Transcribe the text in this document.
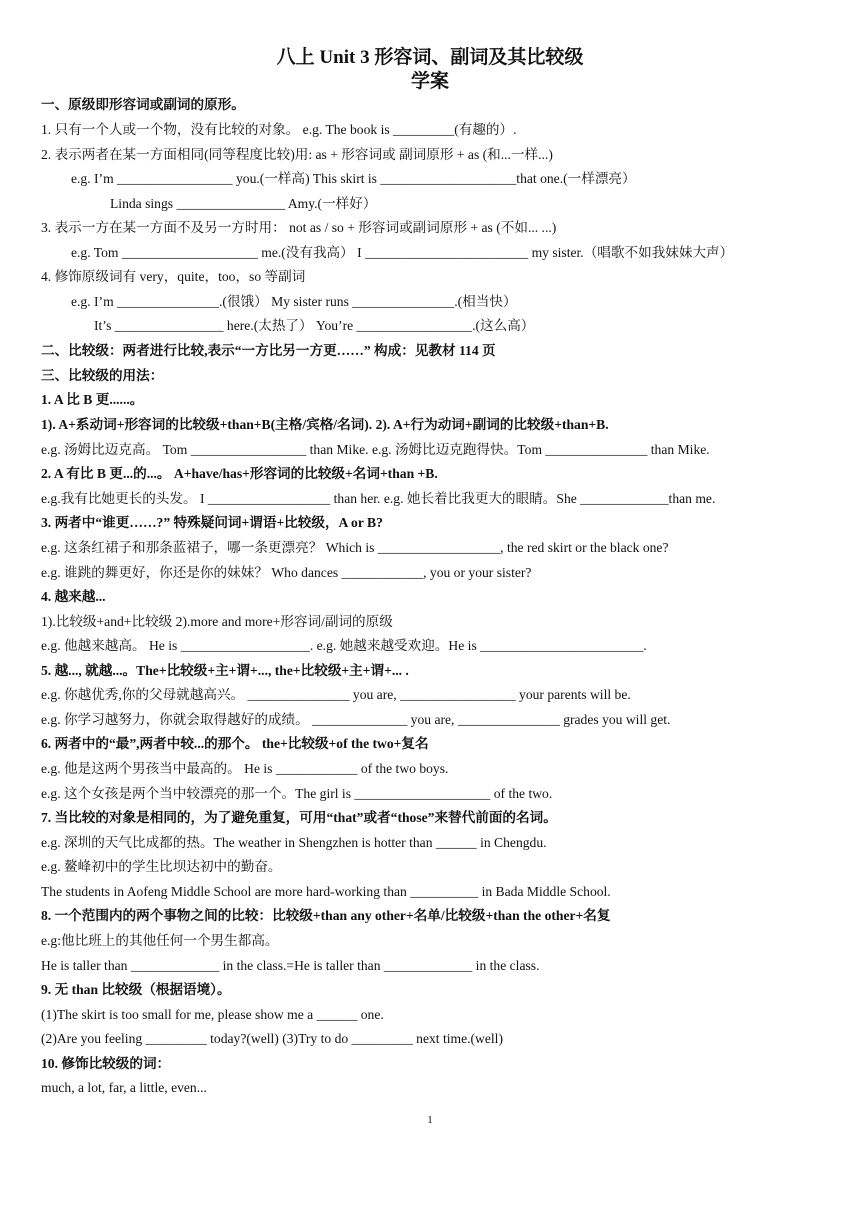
八上 Unit 3 形容词、副词及其比较级
学案
一、原级即形容词或副词的原形。
1. 只有一个人或一个物，没有比较的对象。 e.g. The book is _________(有趣的）.
2. 表示两者在某一方面相同(同等程度比较)用: as + 形容词或 副词原形 + as (和...一样...)
e.g. I’m _________________ you.(一样高) This skirt is ____________________that one.(一样漂亮）
Linda sings ________________ Amy.(一样好）
3. 表示一方在某一方面不及另一方时用： not as / so + 形容词或副词原形 + as (不如... ...)
e.g. Tom ____________________ me.(没有我高） I ________________________ my sister.（唱歌不如我妹妹大声）
4. 修饰原级词有 very，quite，too，so 等副词
e.g. I’m _______________.(很饿） My sister runs _______________.(相当快）
It’s ________________ here.(太热了） You’re _________________.(这么高）
二、比较级：两者进行比较,表示“一方比另一方更……” 构成：见教材 114 页
三、比较级的用法：
1. A 比 B 更......。
1). A+系动词+形容词的比较级+than+B(主格/宾格/名词). 2). A+行为动词+副词的比较级+than+B.
e.g. 汤姆比迈克高。 Tom _________________ than Mike. e.g. 汤姆比迈克跑得快。Tom _______________ than Mike.
2. A 有比 B 更...的...。 A+have/has+形容词的比较级+名词+than +B.
e.g.我有比她更长的头发。 I __________________ than her. e.g. 她长着比我更大的眼睛。She _____________than me.
3. 两者中“谁更……?” 特殊疑问词+谓语+比较级，A or B?
e.g. 这条红裙子和那条蓝裙子，哪一条更漂亮？ Which is __________________, the red skirt or the black one?
e.g. 谁跳的舞更好，你还是你的妹妹？ Who dances ____________, you or your sister?
4. 越来越...
1).比较级+and+比较级 2).more and more+形容词/副词的原级
e.g. 他越来越高。 He is ___________________. e.g. 她越来越受欢迎。He is ________________________.
5. 越..., 就越...。The+比较级+主+谓+..., the+比较级+主+谓+... .
e.g. 你越优秀,你的父母就越高兴。 _______________ you are, _________________ your parents will be.
e.g. 你学习越努力，你就会取得越好的成绩。 ______________ you are, _______________ grades you will get.
6. 两者中的“最”,两者中较...的那个。 the+比较级+of the two+复名
e.g. 他是这两个男孩当中最高的。 He is ____________ of the two boys.
e.g. 这个女孩是两个当中较漂亮的那一个。The girl is ____________________ of the two.
7. 当比较的对象是相同的，为了避免重复，可用“that”或者“those”来替代前面的名词。
e.g. 深圳的天气比成都的热。The weather in Shengzhen is hotter than ______ in Chengdu.
e.g. 鳌峰初中的学生比坝达初中的勤奋。
The students in Aofeng Middle School are more hard-working than __________ in Bada Middle School.
8. 一个范围内的两个事物之间的比较：比较级+than any other+名单/比较级+than the other+名复
e.g:他比班上的其他任何一个男生都高。
He is taller than _____________ in the class.=He is taller than _____________ in the class.
9. 无 than 比较级（根据语境）。
(1)The skirt is too small for me, please show me a ______ one.
(2)Are you feeling _________ today?(well) (3)Try to do _________ next time.(well)
10. 修饰比较级的词：
much, a lot, far, a little, even...
1
